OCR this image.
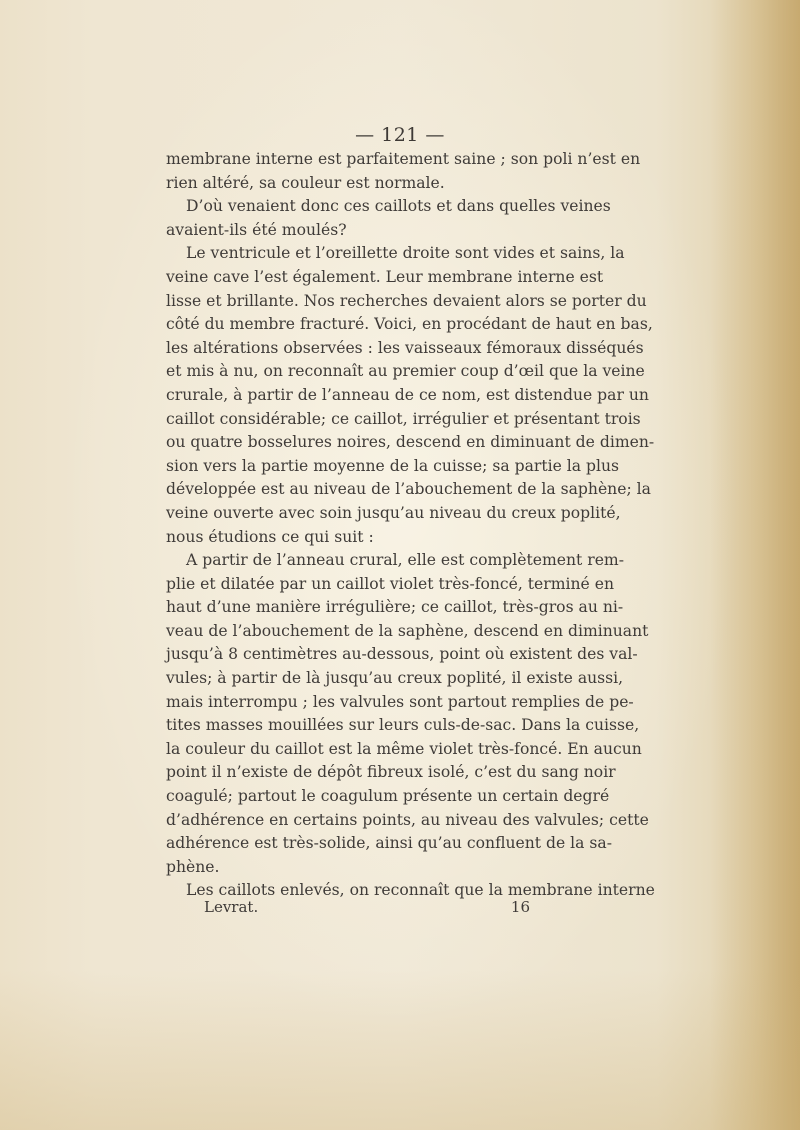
— 121 —
membrane interne est parfaitement saine ; son poli n’est en
rien altéré, sa couleur est normale.
D’où venaient donc ces caillots et dans quelles veines
avaient-ils été moulés?
Le ventricule et l’oreillette droite sont vides et sains, la
veine cave l’est également. Leur membrane interne est
lisse et brillante. Nos recherches devaient alors se porter du
côté du membre fracturé. Voici, en procédant de haut en bas,
les altérations observées : les vaisseaux fémoraux disséqués
et mis à nu, on reconnaît au premier coup d’œil que la veine
crurale, à partir de l’anneau de ce nom, est distendue par un
caillot considérable; ce caillot, irrégulier et présentant trois
ou quatre bosselures noires, descend en diminuant de dimen-
sion vers la partie moyenne de la cuisse; sa partie la plus
développée est au niveau de l’abouchement de la saphène; la
veine ouverte avec soin jusqu’au niveau du creux poplité,
nous étudions ce qui suit :
A partir de l’anneau crural, elle est complètement rem-
plie et dilatée par un caillot violet très-foncé, terminé en
haut d’une manière irrégulière; ce caillot, très-gros au ni-
veau de l’abouchement de la saphène, descend en diminuant
jusqu’à 8 centimètres au-dessous, point où existent des val-
vules; à partir de là jusqu’au creux poplité, il existe aussi,
mais interrompu ; les valvules sont partout remplies de pe-
tites masses mouillées sur leurs culs-de-sac. Dans la cuisse,
la couleur du caillot est la même violet très-foncé. En aucun
point il n’existe de dépôt fibreux isolé, c’est du sang noir
coagulé; partout le coagulum présente un certain degré
d’adhérence en certains points, au niveau des valvules; cette
adhérence est très-solide, ainsi qu’au confluent de la sa-
phène.
Les caillots enlevés, on reconnaît que la membrane interne
Levrat.	16
